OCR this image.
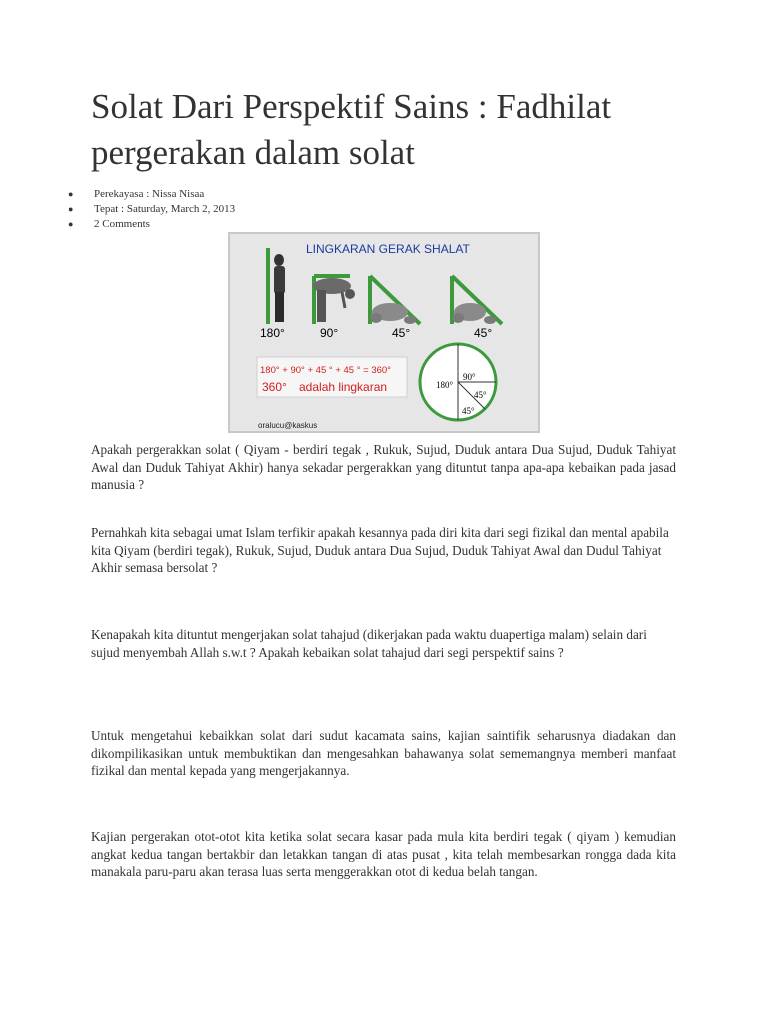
Solat Dari Perspektif Sains : Fadhilat pergerakan dalam solat
● Perekayasa : Nissa Nisaa
● Tepat : Saturday, March 2, 2013
● 2 Comments
LINGKARAN GERAK SHALAT
180°	90°	45°	45°
180° + 90° + 45 ° + 45 ° = 360°
360° adalah lingkaran	180°
90°
45°
45°
oralucu@kaskus

Apakah pergerakkan solat ( Qiyam - berdiri tegak , Rukuk, Sujud, Duduk antara Dua Sujud, Duduk Tahiyat Awal dan Duduk Tahiyat Akhir) hanya sekadar pergerakkan yang dituntut tanpa apa-apa kebaikan pada jasad manusia ?

Pernahkah kita sebagai umat Islam terfikir apakah kesannya pada diri kita dari segi fizikal dan mental apabila kita Qiyam (berdiri tegak), Rukuk, Sujud, Duduk antara Dua Sujud, Duduk Tahiyat Awal dan Dudul Tahiyat Akhir semasa bersolat ?

Kenapakah kita dituntut mengerjakan solat tahajud (dikerjakan pada waktu duapertiga malam) selain dari sujud menyembah Allah s.w.t ? Apakah kebaikan solat tahajud dari segi perspektif sains ?

Untuk mengetahui kebaikkan solat dari sudut kacamata sains, kajian saintifik seharusnya diadakan dan dikompilikasikan untuk membuktikan dan mengesahkan bahawanya solat sememangnya memberi manfaat fizikal dan mental kepada yang mengerjakannya.

Kajian pergerakan otot-otot kita ketika solat secara kasar pada mula kita berdiri tegak ( qiyam ) kemudian angkat kedua tangan bertakbir dan letakkan tangan di atas pusat , kita telah membesarkan rongga dada kita manakala paru-paru akan terasa luas serta menggerakkan otot di kedua belah tangan.
